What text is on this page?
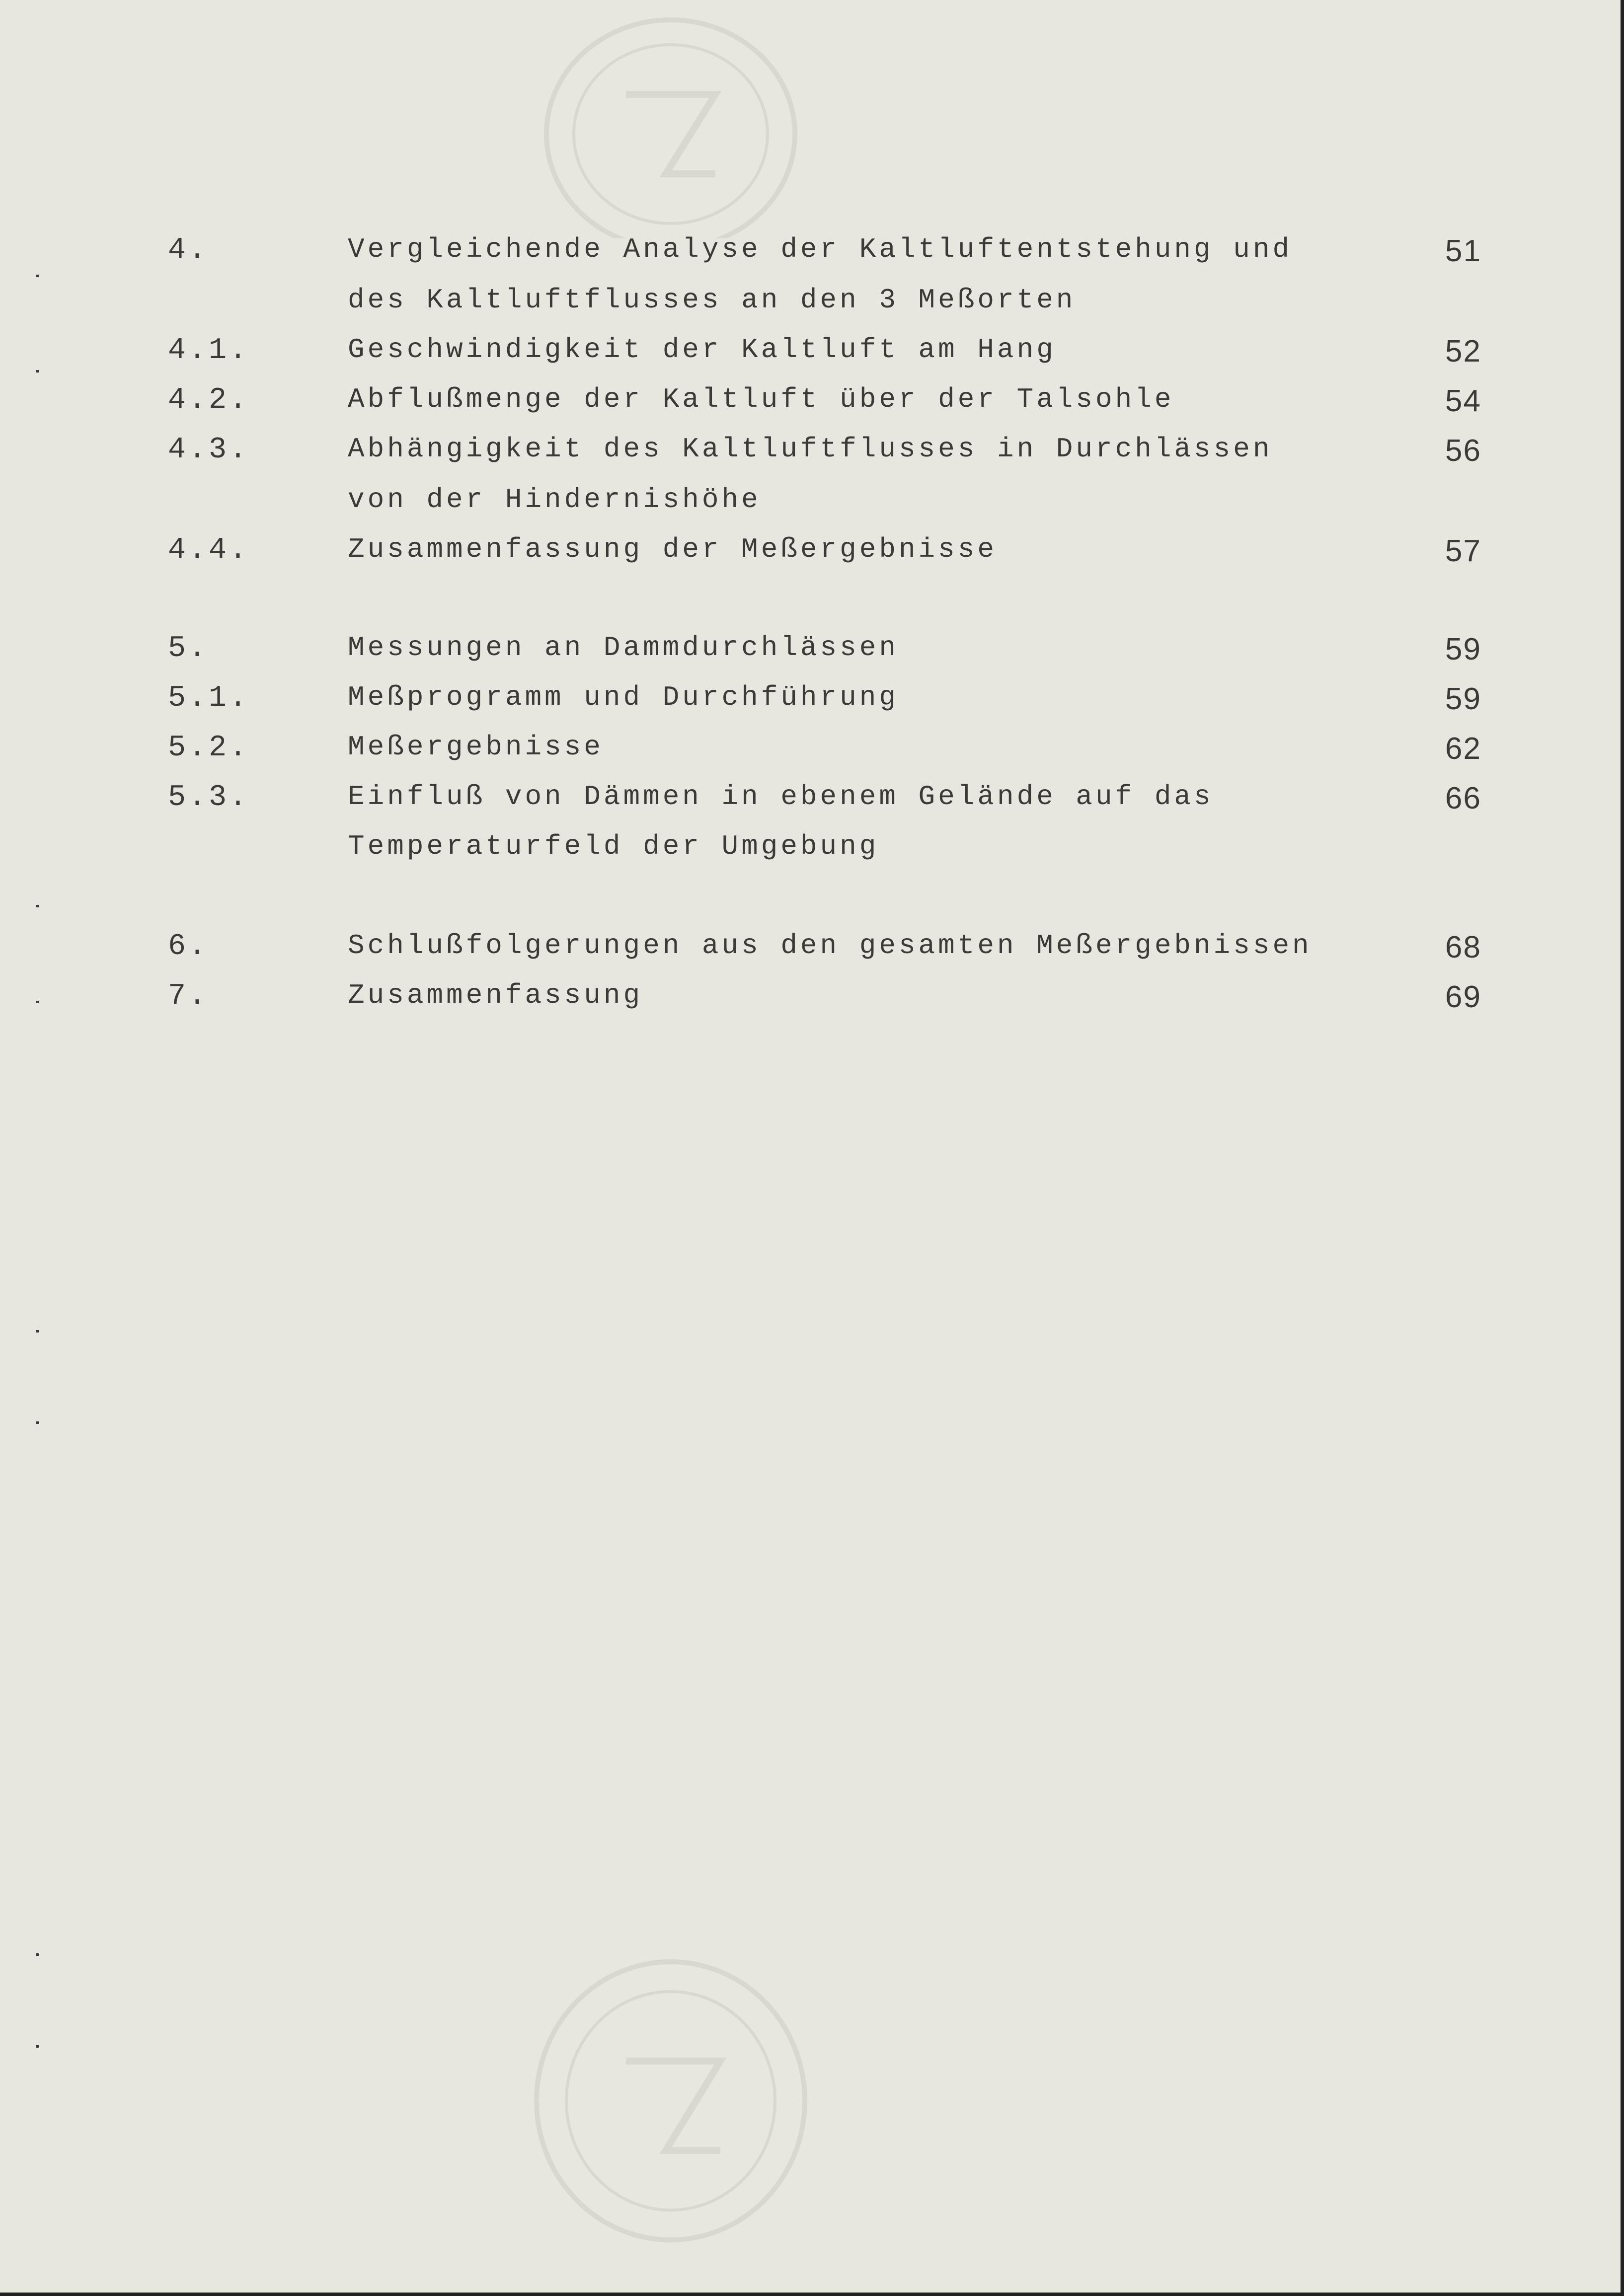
4.	Vergleichende Analyse der Kaltluftentstehung und	51
des Kaltluftflusses an den 3 Meßorten
4.1.	Geschwindigkeit der Kaltluft am Hang	52
4.2.	Abflußmenge der Kaltluft über der Talsohle	54
4.3.	Abhängigkeit des Kaltluftflusses in Durchlässen	56
von der Hindernishöhe
4.4.	Zusammenfassung der Meßergebnisse	57
5.	Messungen an Dammdurchlässen	59
5.1.	Meßprogramm und Durchführung	59
5.2.	Meßergebnisse	62
5.3.	Einfluß von Dämmen in ebenem Gelände auf das	66
Temperaturfeld der Umgebung
6.	Schlußfolgerungen aus den gesamten Meßergebnissen	68
7.	Zusammenfassung	69
